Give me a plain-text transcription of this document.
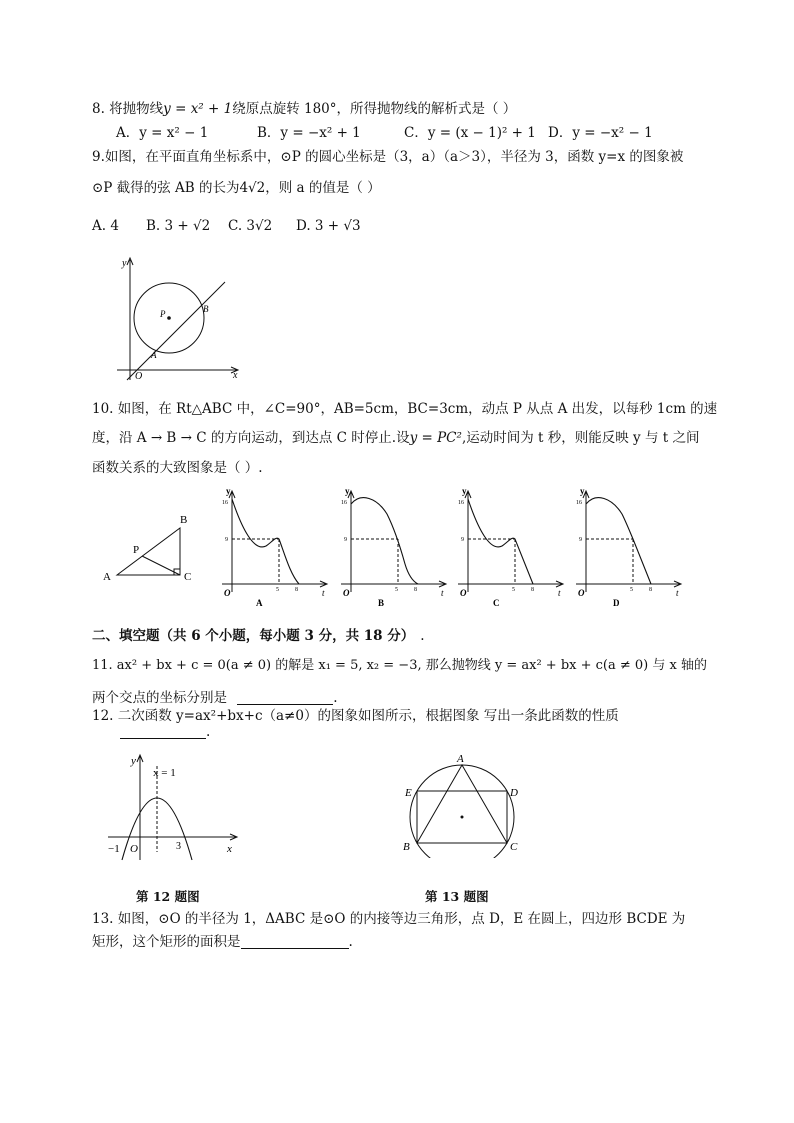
8. 将抛物线y = x² + 1绕原点旋转 180°，所得抛物线的解析式是（ ）
A．y = x² − 1	B．y = −x² + 1	C．y = (x − 1)² + 1 D．y = −x² − 1
9.如图，在平面直角坐标系中，⊙P 的圆心坐标是（3，a）（a＞3），半径为 3，函数 y=x 的图象被
⊙P 截得的弦 AB 的长为4√2，则 a 的值是（ ）
A. 4 B. 3 + √2 C. 3√2 D. 3 + √3
y
x
O
P
A
B
10. 如图，在 Rt△ABC 中，∠C=90°，AB=5cm，BC=3cm，动点 P 从点 A 出发，以每秒 1cm 的速
度，沿 A → B → C 的方向运动，到达点 C 时停止.设y = PC²,运动时间为 t 秒，则能反映 y 与 t 之间
函数关系的大致图象是（ ）.
A
B
C
P
y
t
O
16
9
5	8
A
y
t
O
16
9
5	8
B
y
t
O
16
9
5	8
C
y
t
O
16
9
5	8
D
二、填空题（共 6 个小题，每小题 3 分，共 18 分） .
11. ax² + bx + c = 0(a ≠ 0) 的解是 x₁ = 5, x₂ = −3, 那么抛物线 y = ax² + bx + c(a ≠ 0) 与 x 轴的
两个交点的坐标分别是	.
12. 二次函数 y=ax²+bx+c（a≠0）的图象如图所示，根据图象 写出一条此函数的性质
.
y
x
x = 1
−1 O	3
第 12 题图
A
E	D
B	C
第 13 题图
13. 如图，⊙O 的半径为 1，ΔABC 是⊙O 的内接等边三角形，点 D，E 在圆上，四边形 BCDE 为
矩形，这个矩形的面积是	.
